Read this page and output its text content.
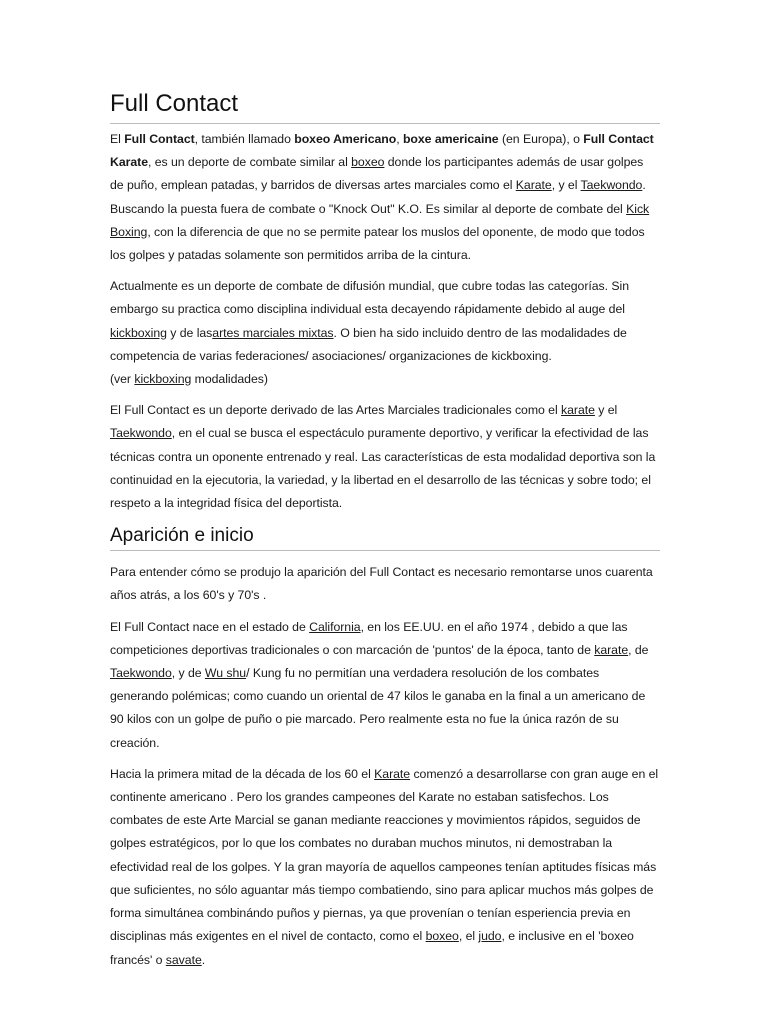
Full Contact

El Full Contact, también llamado boxeo Americano, boxe americaine (en Europa), o Full Contact Karate, es un deporte de combate similar al boxeo donde los participantes además de usar golpes de puño, emplean patadas, y barridos de diversas artes marciales como el Karate, y el Taekwondo. Buscando la puesta fuera de combate o "Knock Out" K.O. Es similar al deporte de combate del Kick Boxing, con la diferencia de que no se permite patear los muslos del oponente, de modo que todos los golpes y patadas solamente son permitidos arriba de la cintura.

Actualmente es un deporte de combate de difusión mundial, que cubre todas las categorías. Sin embargo su practica como disciplina individual esta decayendo rápidamente debido al auge del kickboxing y de lasartes marciales mixtas. O bien ha sido incluido dentro de las modalidades de competencia de varias federaciones/ asociaciones/ organizaciones de kickboxing.
(ver kickboxing modalidades)

El Full Contact es un deporte derivado de las Artes Marciales tradicionales como el karate y el Taekwondo, en el cual se busca el espectáculo puramente deportivo, y verificar la efectividad de las técnicas contra un oponente entrenado y real. Las características de esta modalidad deportiva son la continuidad en la ejecutoria, la variedad, y la libertad en el desarrollo de las técnicas y sobre todo; el respeto a la integridad física del deportista.

Aparición e inicio

Para entender cómo se produjo la aparición del Full Contact es necesario remontarse unos cuarenta años atrás, a los 60's y 70's .

El Full Contact nace en el estado de California, en los EE.UU. en el año 1974 , debido a que las competiciones deportivas tradicionales o con marcación de 'puntos' de la época, tanto de karate, de Taekwondo, y de Wu shu/ Kung fu no permitían una verdadera resolución de los combates generando polémicas; como cuando un oriental de 47 kilos le ganaba en la final a un americano de 90 kilos con un golpe de puño o pie marcado. Pero realmente esta no fue la única razón de su creación.

Hacia la primera mitad de la década de los 60 el Karate comenzó a desarrollarse con gran auge en el continente americano . Pero los grandes campeones del Karate no estaban satisfechos. Los combates de este Arte Marcial se ganan mediante reacciones y movimientos rápidos, seguidos de golpes estratégicos, por lo que los combates no duraban muchos minutos, ni demostraban la efectividad real de los golpes. Y la gran mayoría de aquellos campeones tenían aptitudes físicas más que suficientes, no sólo aguantar más tiempo combatiendo, sino para aplicar muchos más golpes de forma simultánea combinándo puños y piernas, ya que provenían o tenían esperiencia previa en disciplinas más exigentes en el nivel de contacto, como el boxeo, el judo, e inclusive en el 'boxeo francés' o savate.
